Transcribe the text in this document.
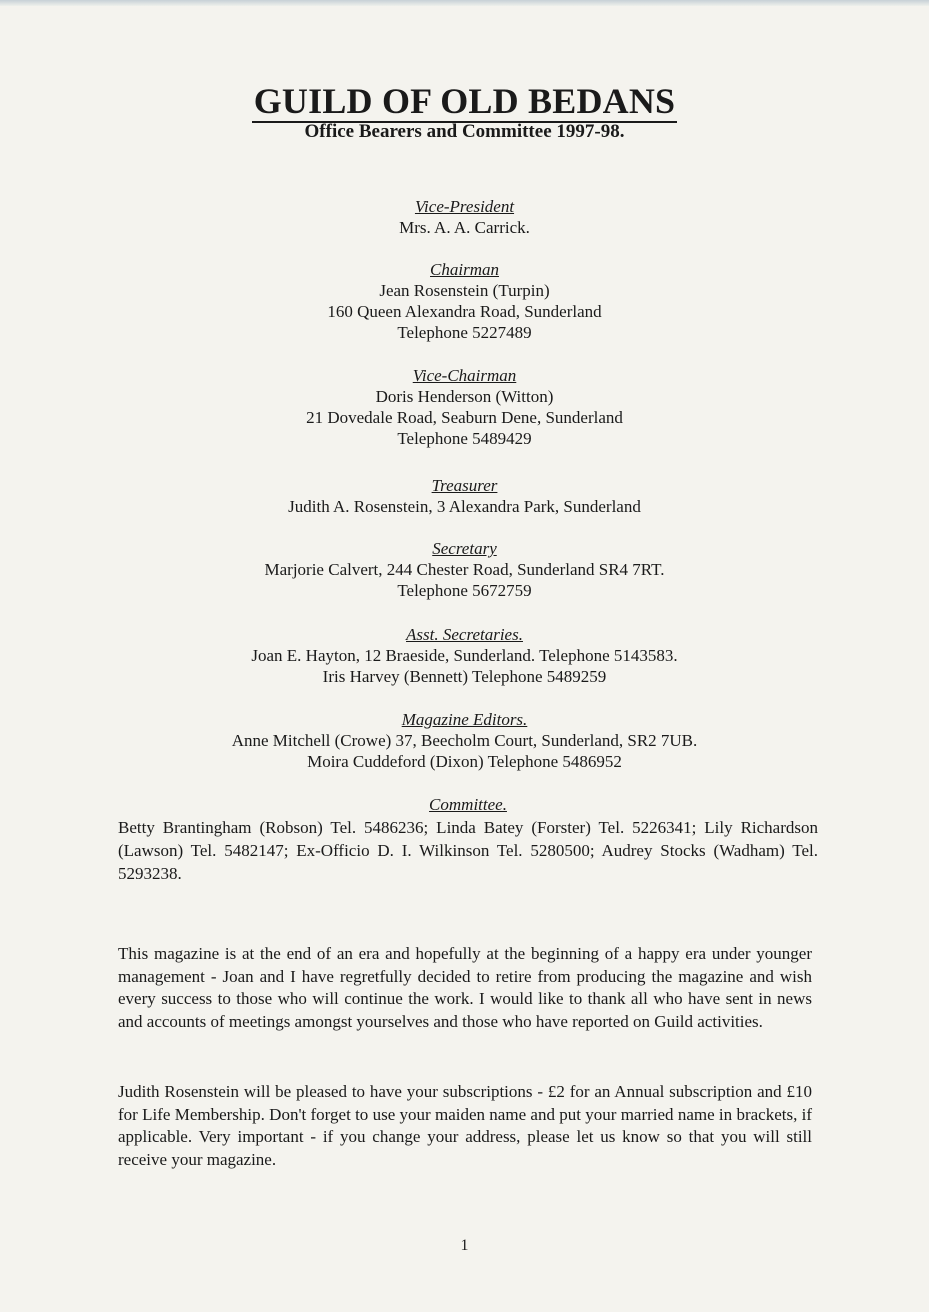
GUILD OF OLD BEDANS
Office Bearers and Committee 1997-98.
Vice-President
Mrs. A. A. Carrick.
Chairman
Jean Rosenstein (Turpin)
160 Queen Alexandra Road, Sunderland
Telephone 5227489
Vice-Chairman
Doris Henderson (Witton)
21 Dovedale Road, Seaburn Dene, Sunderland
Telephone 5489429
Treasurer
Judith A. Rosenstein, 3 Alexandra Park, Sunderland
Secretary
Marjorie Calvert, 244 Chester Road, Sunderland SR4 7RT.
Telephone 5672759
Asst. Secretaries.
Joan E. Hayton, 12 Braeside, Sunderland. Telephone 5143583.
Iris Harvey (Bennett) Telephone 5489259
Magazine Editors.
Anne Mitchell (Crowe) 37, Beecholm Court, Sunderland, SR2 7UB.
Moira Cuddeford (Dixon) Telephone 5486952
Committee.
Betty Brantingham (Robson) Tel. 5486236; Linda Batey (Forster) Tel. 5226341; Lily Richardson (Lawson) Tel. 5482147; Ex-Officio D. I. Wilkinson Tel. 5280500; Audrey Stocks (Wadham) Tel. 5293238.
This magazine is at the end of an era and hopefully at the beginning of a happy era under younger management - Joan and I have regretfully decided to retire from producing the magazine and wish every success to those who will continue the work. I would like to thank all who have sent in news and accounts of meetings amongst yourselves and those who have reported on Guild activities.
Judith Rosenstein will be pleased to have your subscriptions - £2 for an Annual subscription and £10 for Life Membership. Don't forget to use your maiden name and put your married name in brackets, if applicable. Very important - if you change your address, please let us know so that you will still receive your magazine.
1
